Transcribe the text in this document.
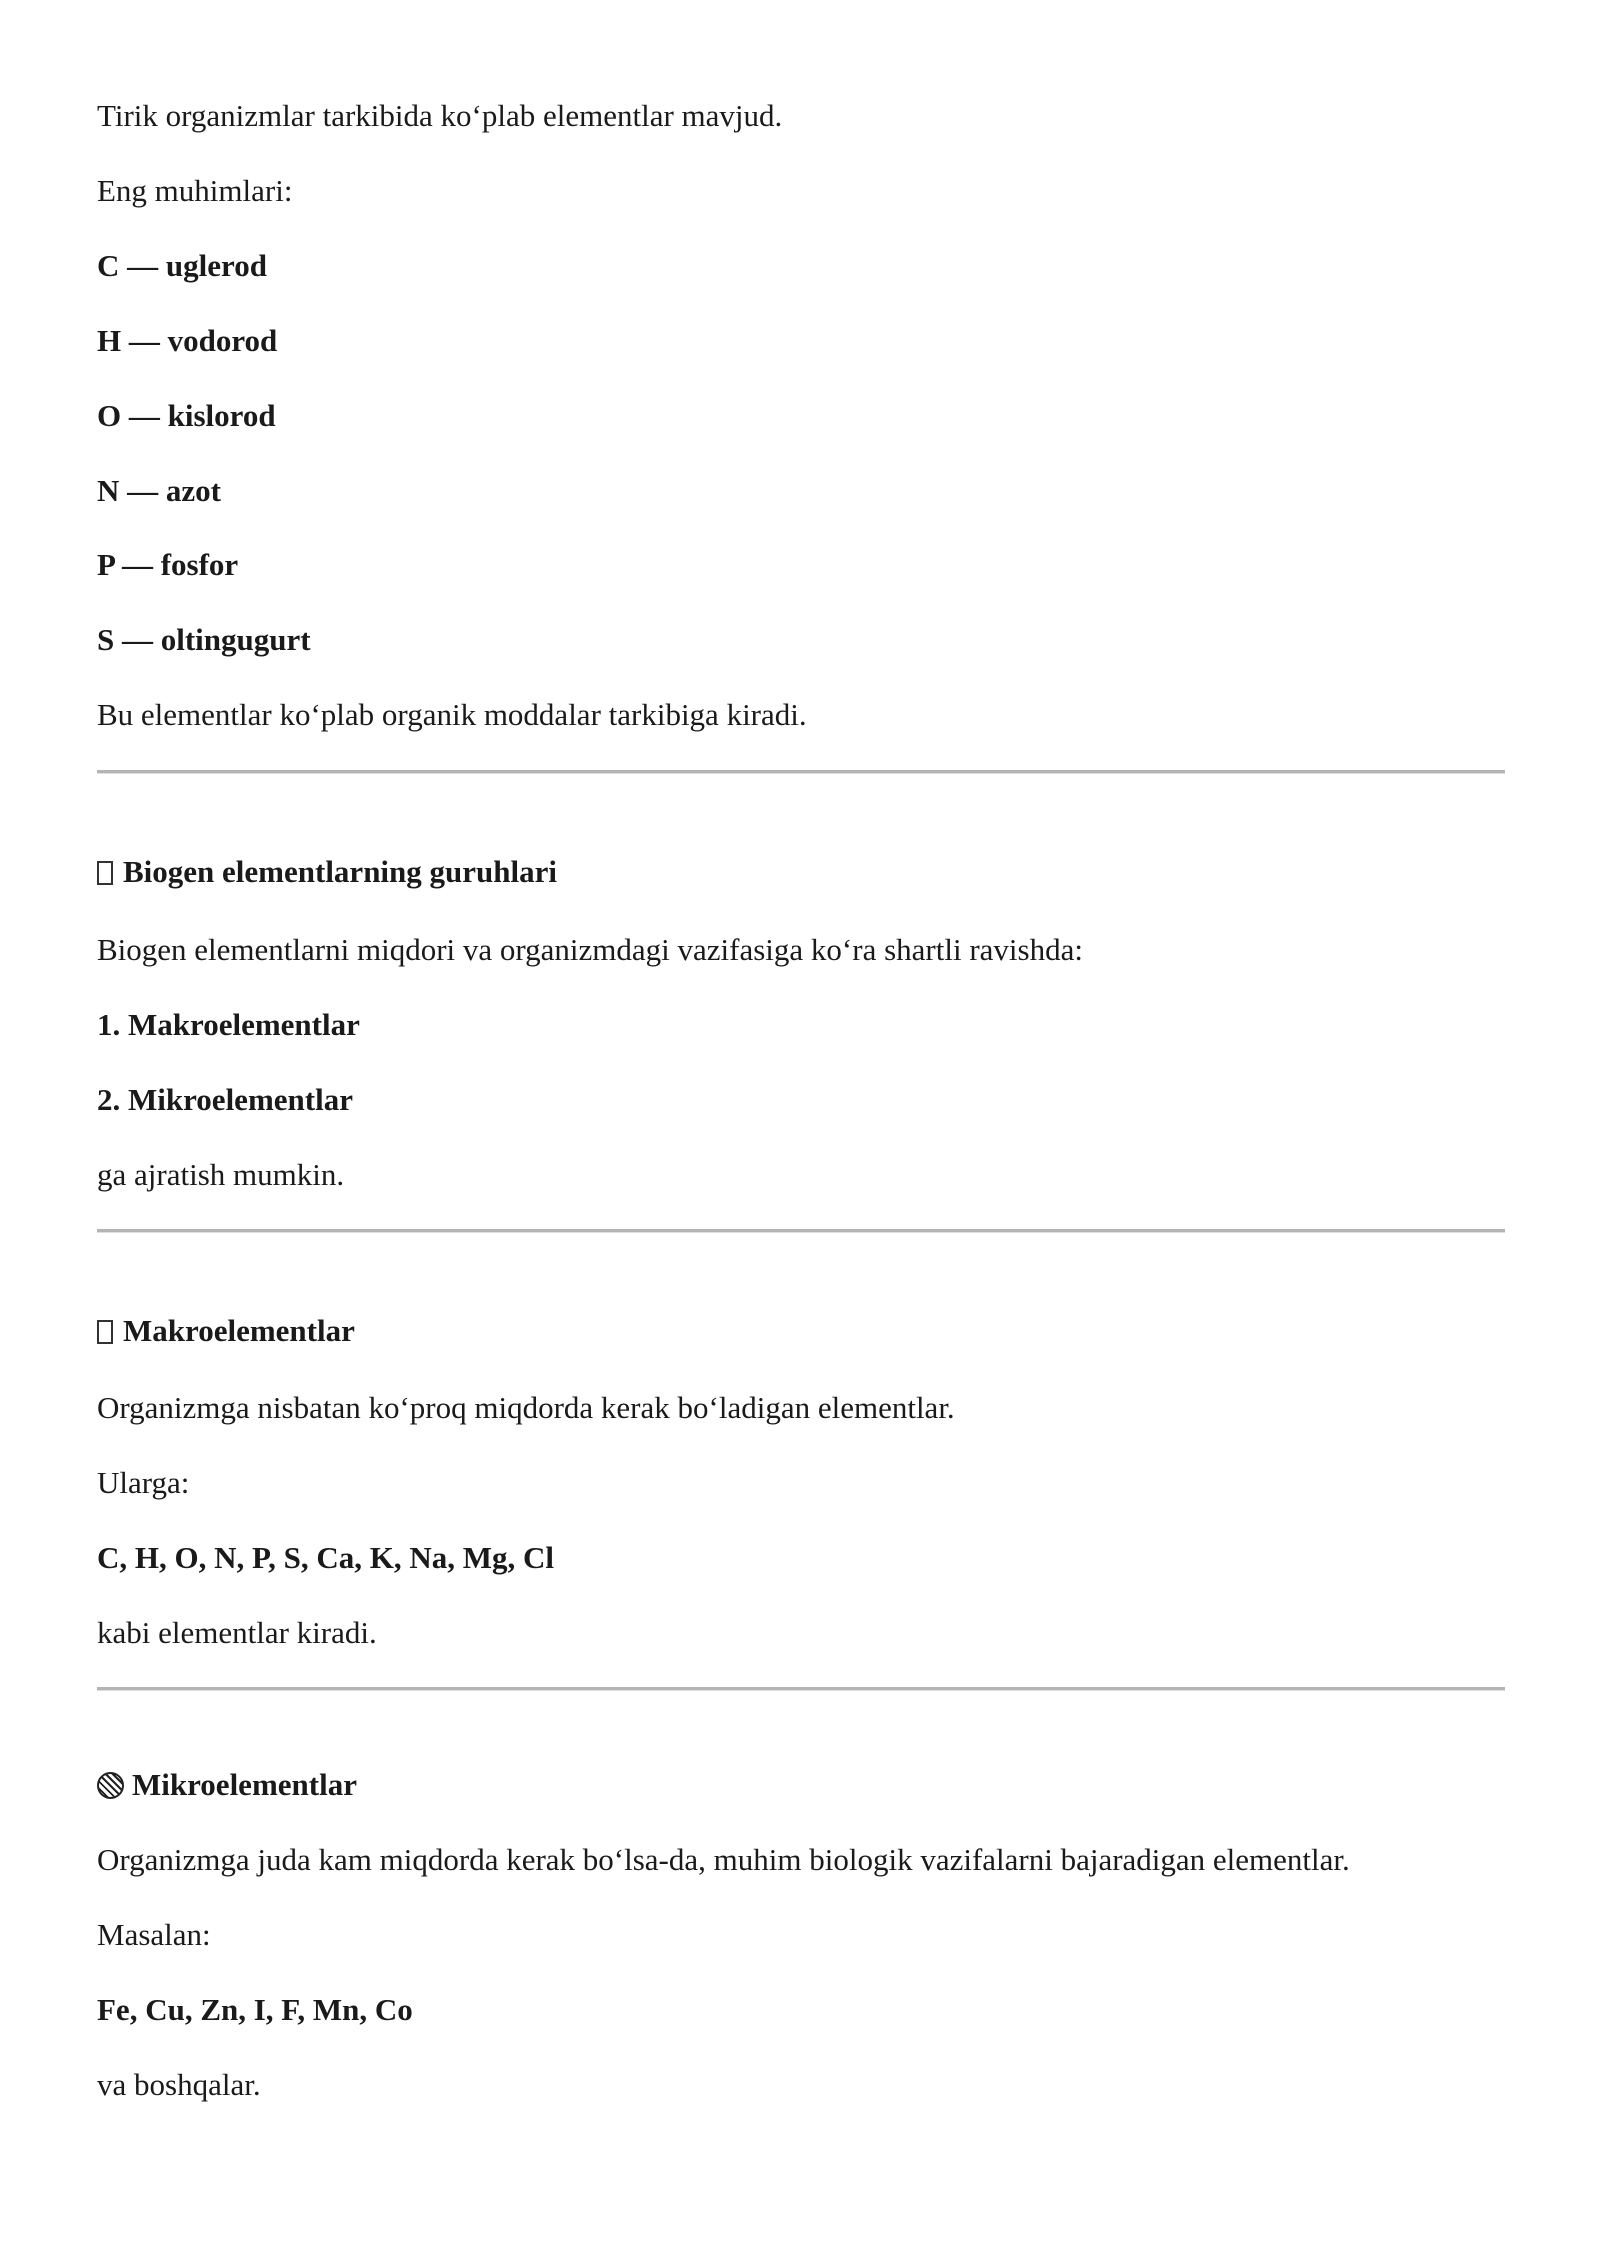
Tirik organizmlar tarkibida ko‘plab elementlar mavjud.

Eng muhimlari:

C — uglerod

H — vodorod

O — kislorod

N — azot

P — fosfor

S — oltingugurt

Bu elementlar ko‘plab organik moddalar tarkibiga kiradi.

Biogen elementlarning guruhlari

Biogen elementlarni miqdori va organizmdagi vazifasiga ko‘ra shartli ravishda:

1. Makroelementlar

2. Mikroelementlar

ga ajratish mumkin.

Makroelementlar

Organizmga nisbatan ko‘proq miqdorda kerak bo‘ladigan elementlar.

Ularga:

C, H, O, N, P, S, Ca, K, Na, Mg, Cl

kabi elementlar kiradi.

Mikroelementlar

Organizmga juda kam miqdorda kerak bo‘lsa-da, muhim biologik vazifalarni bajaradigan elementlar.

Masalan:

Fe, Cu, Zn, I, F, Mn, Co

va boshqalar.
